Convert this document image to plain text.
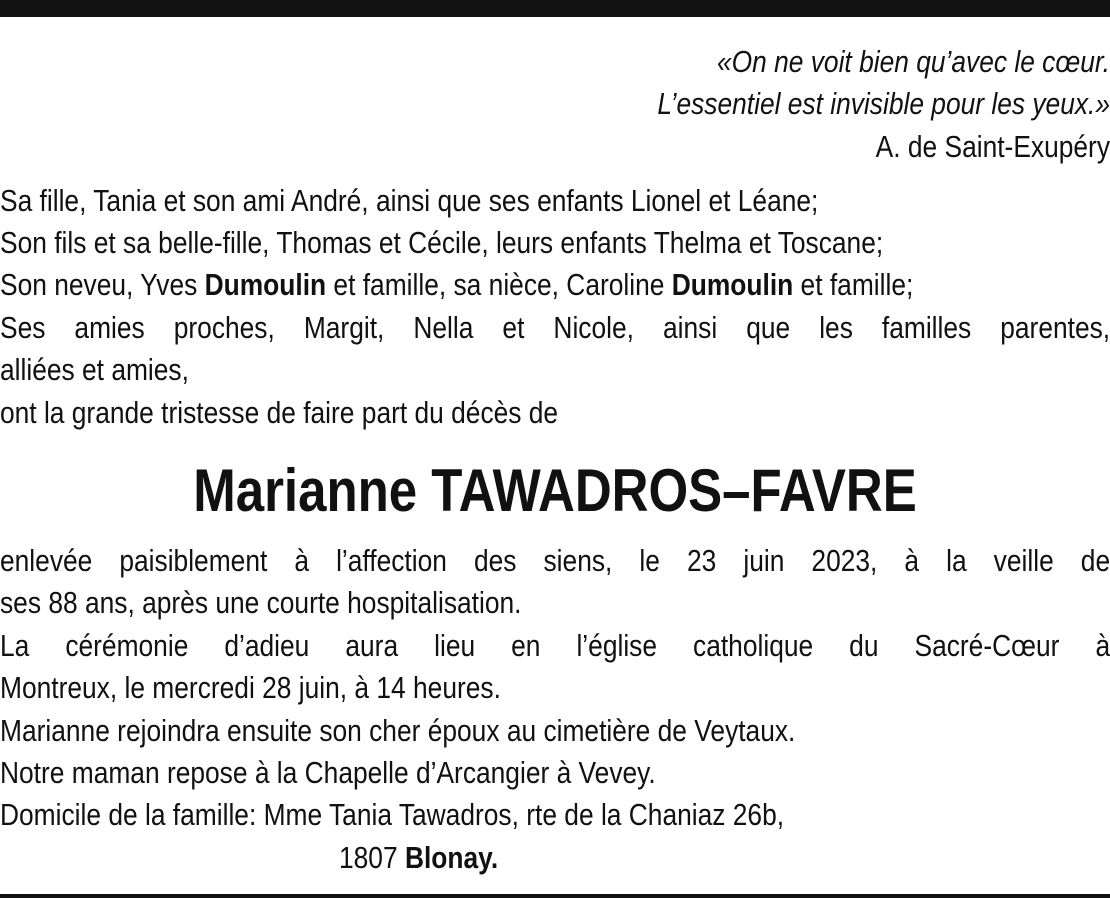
«On ne voit bien qu’avec le cœur.
L’essentiel est invisible pour les yeux.»
A. de Saint-Exupéry
Sa fille, Tania et son ami André, ainsi que ses enfants Lionel et Léane;
Son fils et sa belle-fille, Thomas et Cécile, leurs enfants Thelma et Toscane;
Son neveu, Yves Dumoulin et famille, sa nièce, Caroline Dumoulin et famille;
Ses amies proches, Margit, Nella et Nicole, ainsi que les familles parentes,
alliées et amies,
ont la grande tristesse de faire part du décès de
Marianne TAWADROS–FAVRE
enlevée paisiblement à l’affection des siens, le 23 juin 2023, à la veille de
ses 88 ans, après une courte hospitalisation.
La cérémonie d’adieu aura lieu en l’église catholique du Sacré-Cœur à
Montreux, le mercredi 28 juin, à 14 heures.
Marianne rejoindra ensuite son cher époux au cimetière de Veytaux.
Notre maman repose à la Chapelle d’Arcangier à Vevey.
Domicile de la famille: Mme Tania Tawadros, rte de la Chaniaz 26b,
1807 Blonay.
